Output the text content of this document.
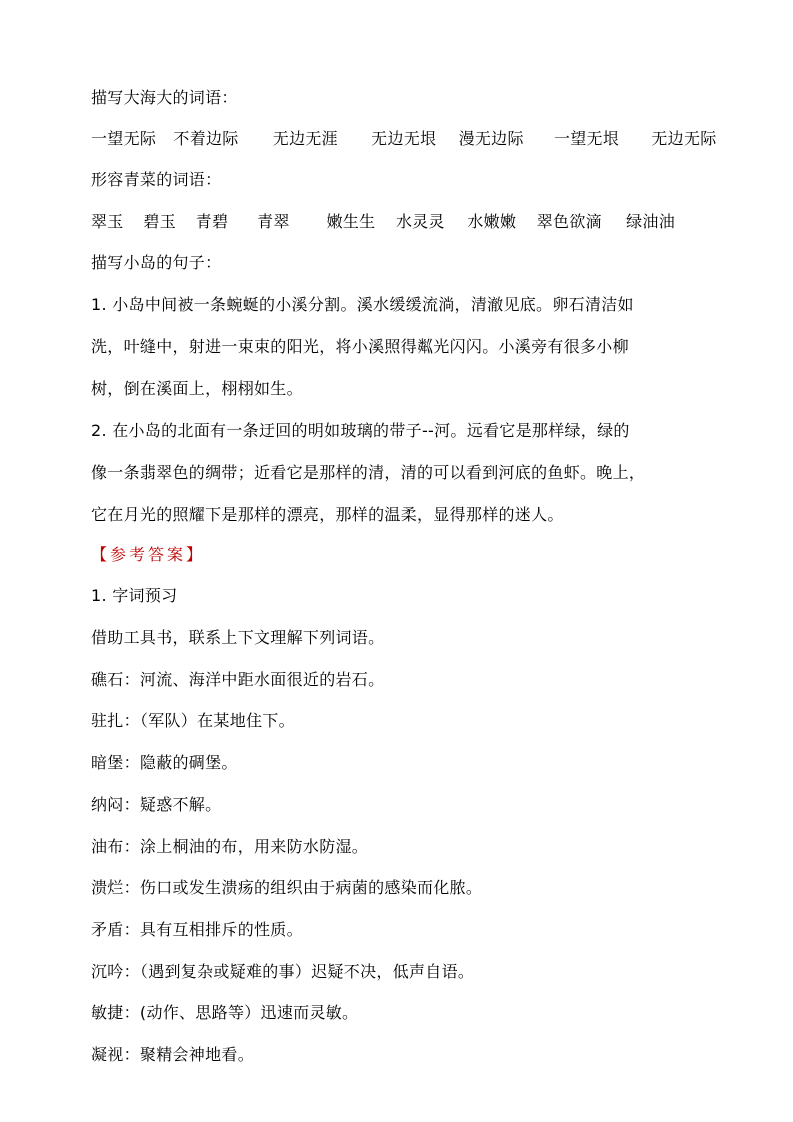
描写大海大的词语：
一望无际 不着边际 无边无涯 无边无垠 漫无边际 一望无垠 无边无际
形容青菜的词语：
翠玉 碧玉 青碧 青翠 嫩生生 水灵灵 水嫩嫩 翠色欲滴 绿油油
描写小岛的句子：
1. 小岛中间被一条蜿蜒的小溪分割。溪水缓缓流淌，清澈见底。卵石清洁如
洗，叶缝中，射进一束束的阳光，将小溪照得粼光闪闪。小溪旁有很多小柳
树，倒在溪面上，栩栩如生。
2. 在小岛的北面有一条迂回的明如玻璃的带子--河。远看它是那样绿，绿的
像一条翡翠色的绸带；近看它是那样的清，清的可以看到河底的鱼虾。晚上，
它在月光的照耀下是那样的漂亮，那样的温柔，显得那样的迷人。
【参考答案】
1. 字词预习
借助工具书，联系上下文理解下列词语。
礁石：河流、海洋中距水面很近的岩石。
驻扎：（军队）在某地住下。
暗堡：隐蔽的碉堡。
纳闷：疑惑不解。
油布：涂上桐油的布，用来防水防湿。
溃烂：伤口或发生溃疡的组织由于病菌的感染而化脓。
矛盾：具有互相排斥的性质。
沉吟：（遇到复杂或疑难的事）迟疑不决，低声自语。
敏捷：(动作、思路等）迅速而灵敏。
凝视：聚精会神地看。
